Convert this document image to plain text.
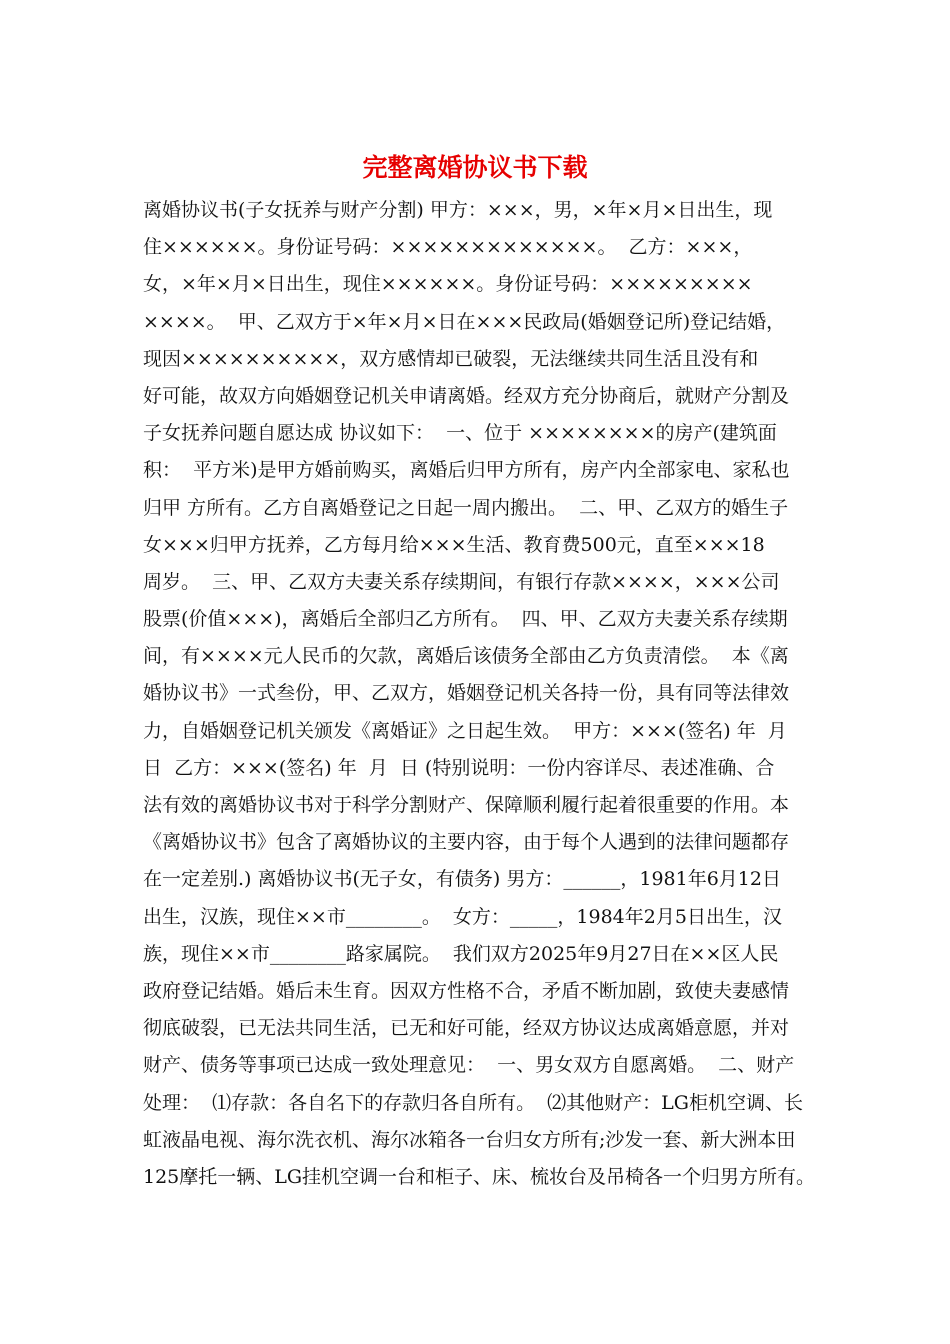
完整离婚协议书下载
离婚协议书(子女抚养与财产分割) 甲方：×××，男，×年×月×日出生，现
住××××××。身份证号码：×××××××××××××。  乙方：×××，
女，×年×月×日出生，现住××××××。身份证号码：×××××××××
××××。  甲、乙双方于×年×月×日在×××民政局(婚姻登记所)登记结婚，
现因××××××××××，双方感情却已破裂，无法继续共同生活且没有和
好可能，故双方向婚姻登记机关申请离婚。经双方充分协商后，就财产分割及
子女抚养问题自愿达成 协议如下：  一、位于 ××××××××的房产(建筑面
积：  平方米)是甲方婚前购买，离婚后归甲方所有，房产内全部家电、家私也
归甲 方所有。乙方自离婚登记之日起一周内搬出。  二、甲、乙双方的婚生子
女×××归甲方抚养，乙方每月给×××生活、教育费500元，直至×××18
周岁。  三、甲、乙双方夫妻关系存续期间，有银行存款××××，×××公司
股票(价值×××)，离婚后全部归乙方所有。  四、甲、乙双方夫妻关系存续期
间，有××××元人民币的欠款，离婚后该债务全部由乙方负责清偿。  本《离
婚协议书》一式叁份，甲、乙双方，婚姻登记机关各持一份，具有同等法律效
力，自婚姻登记机关颁发《离婚证》之日起生效。  甲方：×××(签名) 年  月
日  乙方：×××(签名) 年  月  日 (特别说明：一份内容详尽、表述准确、合
法有效的离婚协议书对于科学分割财产、保障顺利履行起着很重要的作用。本
《离婚协议书》包含了离婚协议的主要内容，由于每个人遇到的法律问题都存
在一定差别.) 离婚协议书(无子女，有债务) 男方：______，1981年6月12日
出生，汉族，现住××市________。  女方：_____，1984年2月5日出生，汉
族，现住××市________路家属院。  我们双方2025年9月27日在××区人民
政府登记结婚。婚后未生育。因双方性格不合，矛盾不断加剧，致使夫妻感情
彻底破裂，已无法共同生活，已无和好可能，经双方协议达成离婚意愿，并对
财产、债务等事项已达成一致处理意见：  一、男女双方自愿离婚。  二、财产
处理：  ⑴存款：各自名下的存款归各自所有。  ⑵其他财产：LG柜机空调、长
虹液晶电视、海尔洗衣机、海尔冰箱各一台归女方所有;沙发一套、新大洲本田
125摩托一辆、LG挂机空调一台和柜子、床、梳妆台及吊椅各一个归男方所有。
